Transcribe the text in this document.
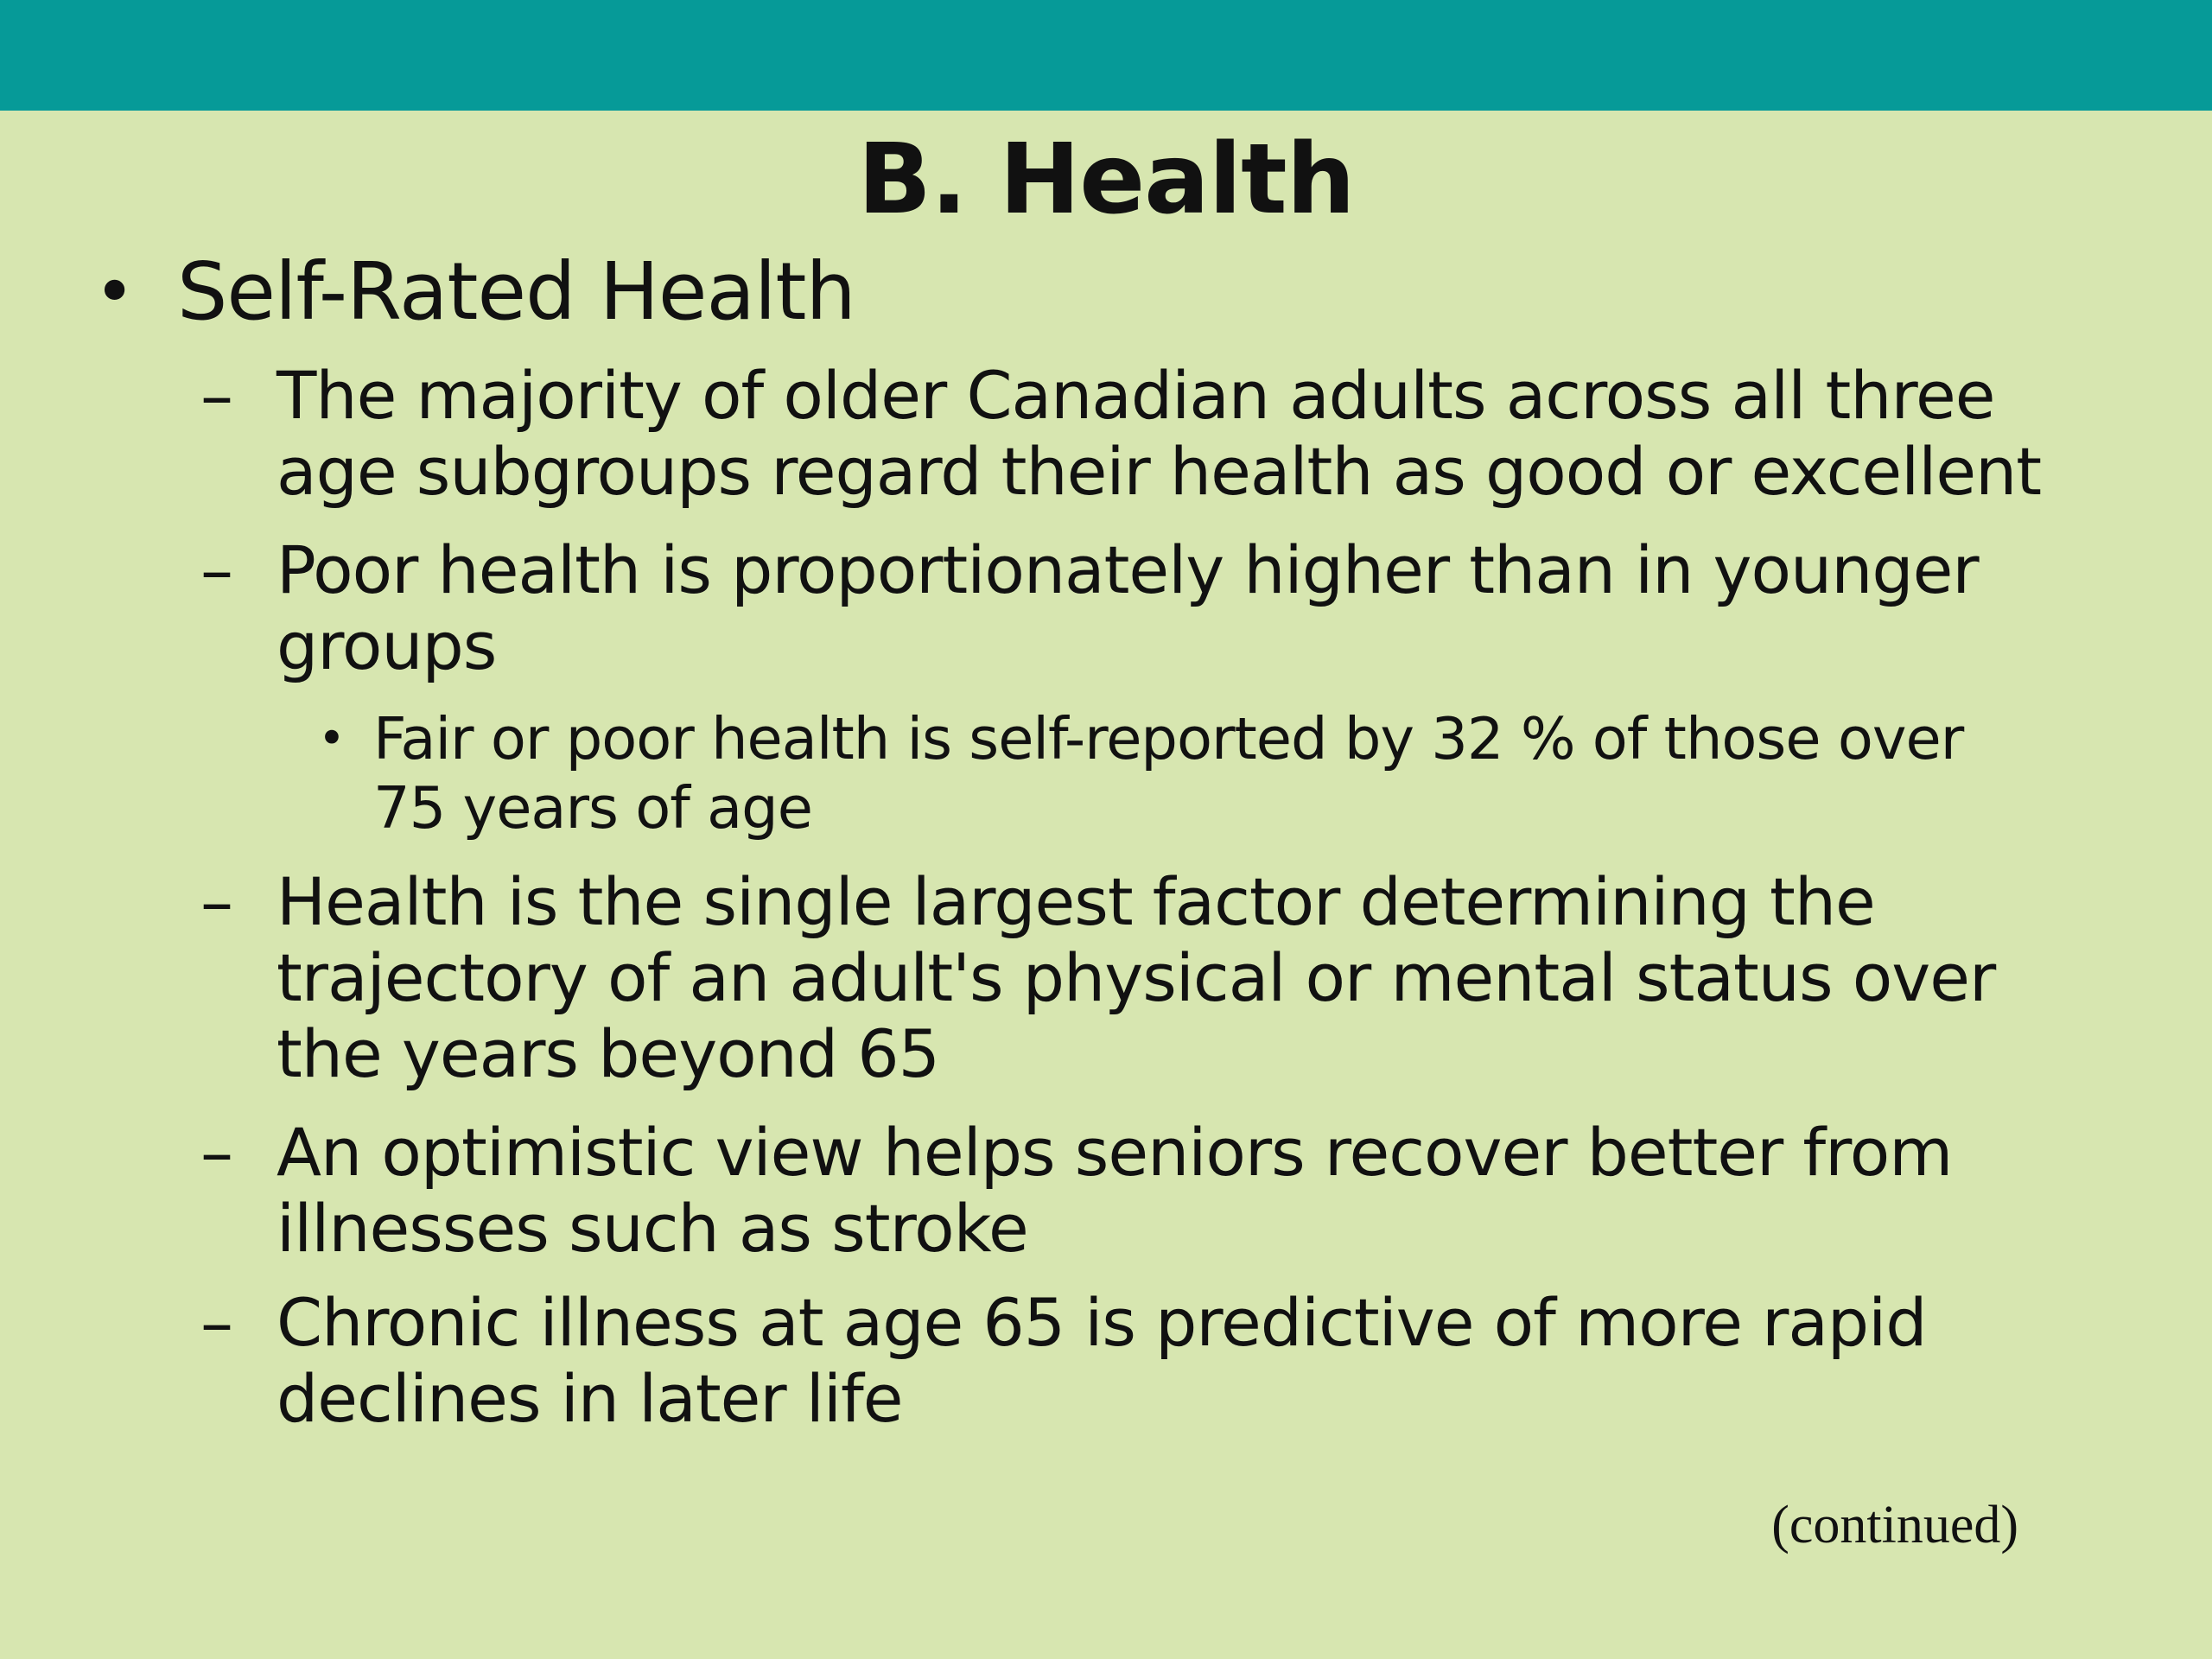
B. Health
• Self-Rated Health
– The majority of older Canadian adults across all three
age subgroups regard their health as good or excellent
– Poor health is proportionately higher than in younger
groups
• Fair or poor health is self-reported by 32 % of those over
75 years of age
– Health is the single largest factor determining the
trajectory of an adult's physical or mental status over
the years beyond 65
– An optimistic view helps seniors recover better from
illnesses such as stroke
– Chronic illness at age 65 is predictive of more rapid
declines in later life
(continued)
